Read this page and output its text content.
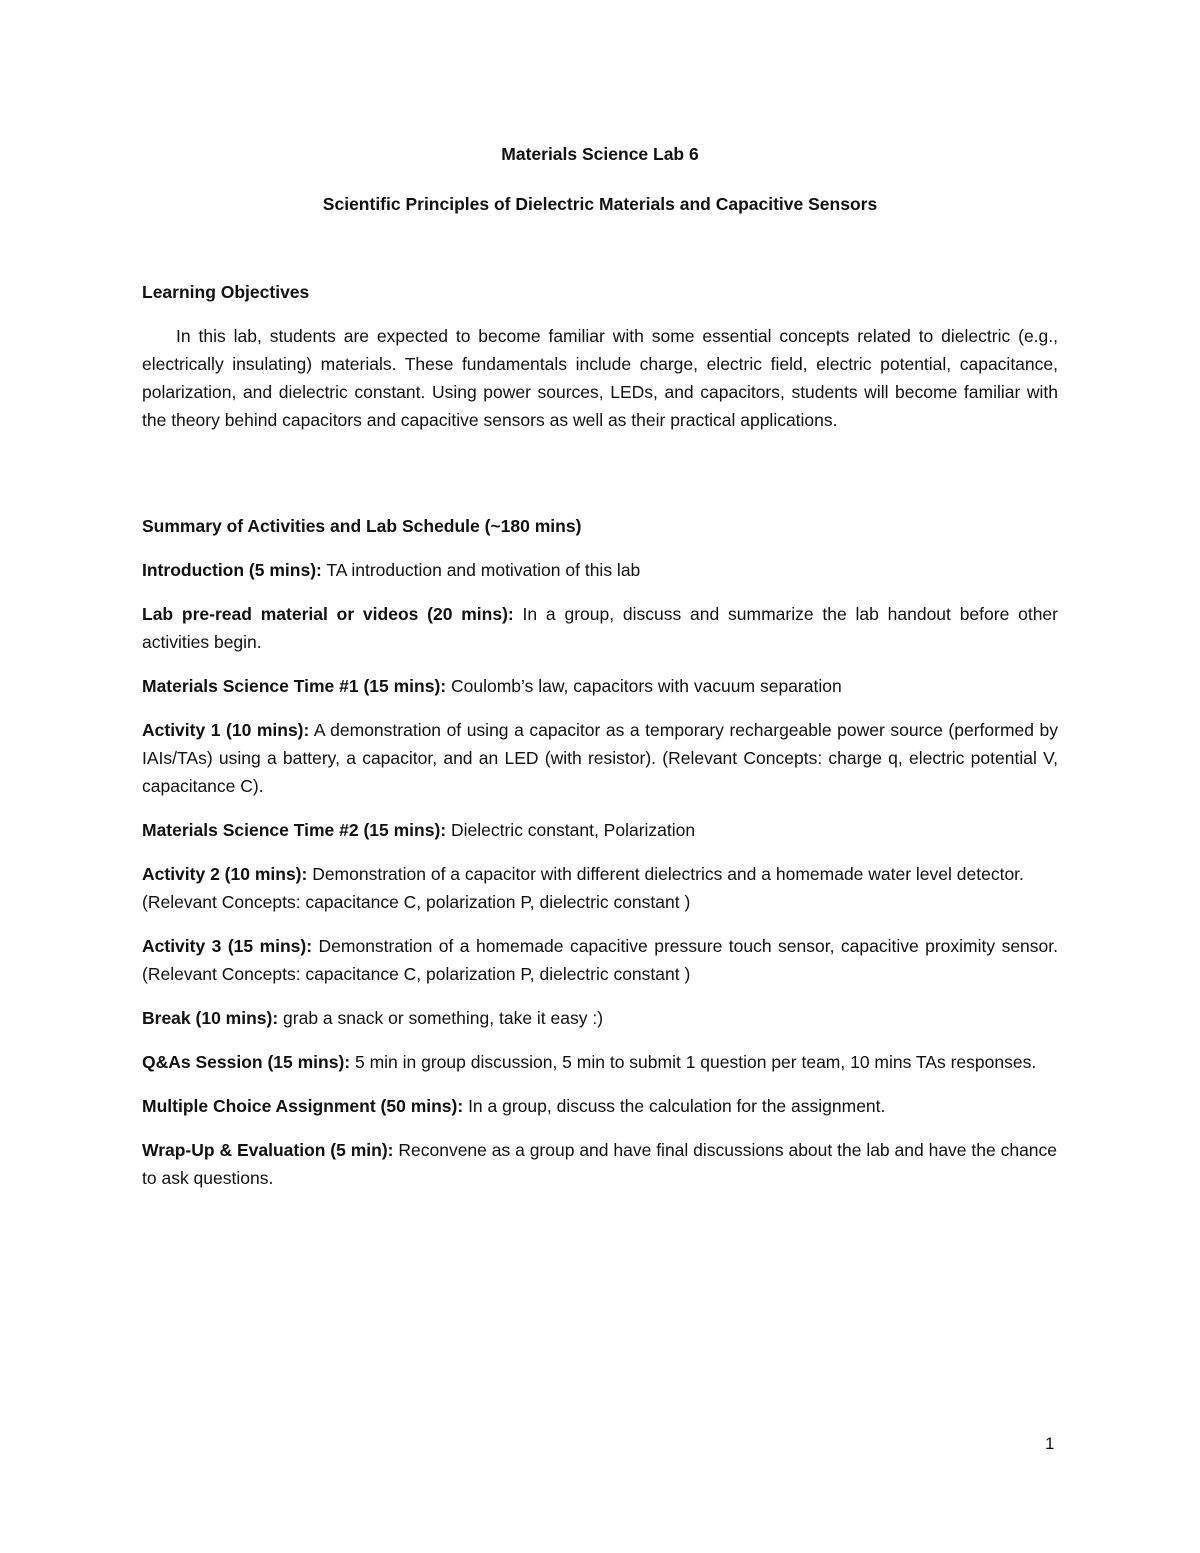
Materials Science Lab 6

Scientific Principles of Dielectric Materials and Capacitive Sensors

Learning Objectives

In this lab, students are expected to become familiar with some essential concepts related to dielectric (e.g., electrically insulating) materials. These fundamentals include charge, electric field, electric potential, capacitance, polarization, and dielectric constant. Using power sources, LEDs, and capacitors, students will become familiar with the theory behind capacitors and capacitive sensors as well as their practical applications.

Summary of Activities and Lab Schedule (~180 mins)

Introduction (5 mins): TA introduction and motivation of this lab

Lab pre-read material or videos (20 mins): In a group, discuss and summarize the lab handout before other activities begin.

Materials Science Time #1 (15 mins): Coulomb’s law, capacitors with vacuum separation

Activity 1 (10 mins): A demonstration of using a capacitor as a temporary rechargeable power source (performed by IAIs/TAs) using a battery, a capacitor, and an LED (with resistor). (Relevant Concepts: charge q, electric potential V, capacitance C).

Materials Science Time #2 (15 mins): Dielectric constant, Polarization

Activity 2 (10 mins): Demonstration of a capacitor with different dielectrics and a homemade water level detector. (Relevant Concepts: capacitance C, polarization P, dielectric constant )

Activity 3 (15 mins): Demonstration of a homemade capacitive pressure touch sensor, capacitive proximity sensor. (Relevant Concepts: capacitance C, polarization P, dielectric constant )

Break (10 mins): grab a snack or something, take it easy :)

Q&As Session (15 mins): 5 min in group discussion, 5 min to submit 1 question per team, 10 mins TAs responses.

Multiple Choice Assignment (50 mins): In a group, discuss the calculation for the assignment.

Wrap-Up & Evaluation (5 min): Reconvene as a group and have final discussions about the lab and have the chance to ask questions.

1
